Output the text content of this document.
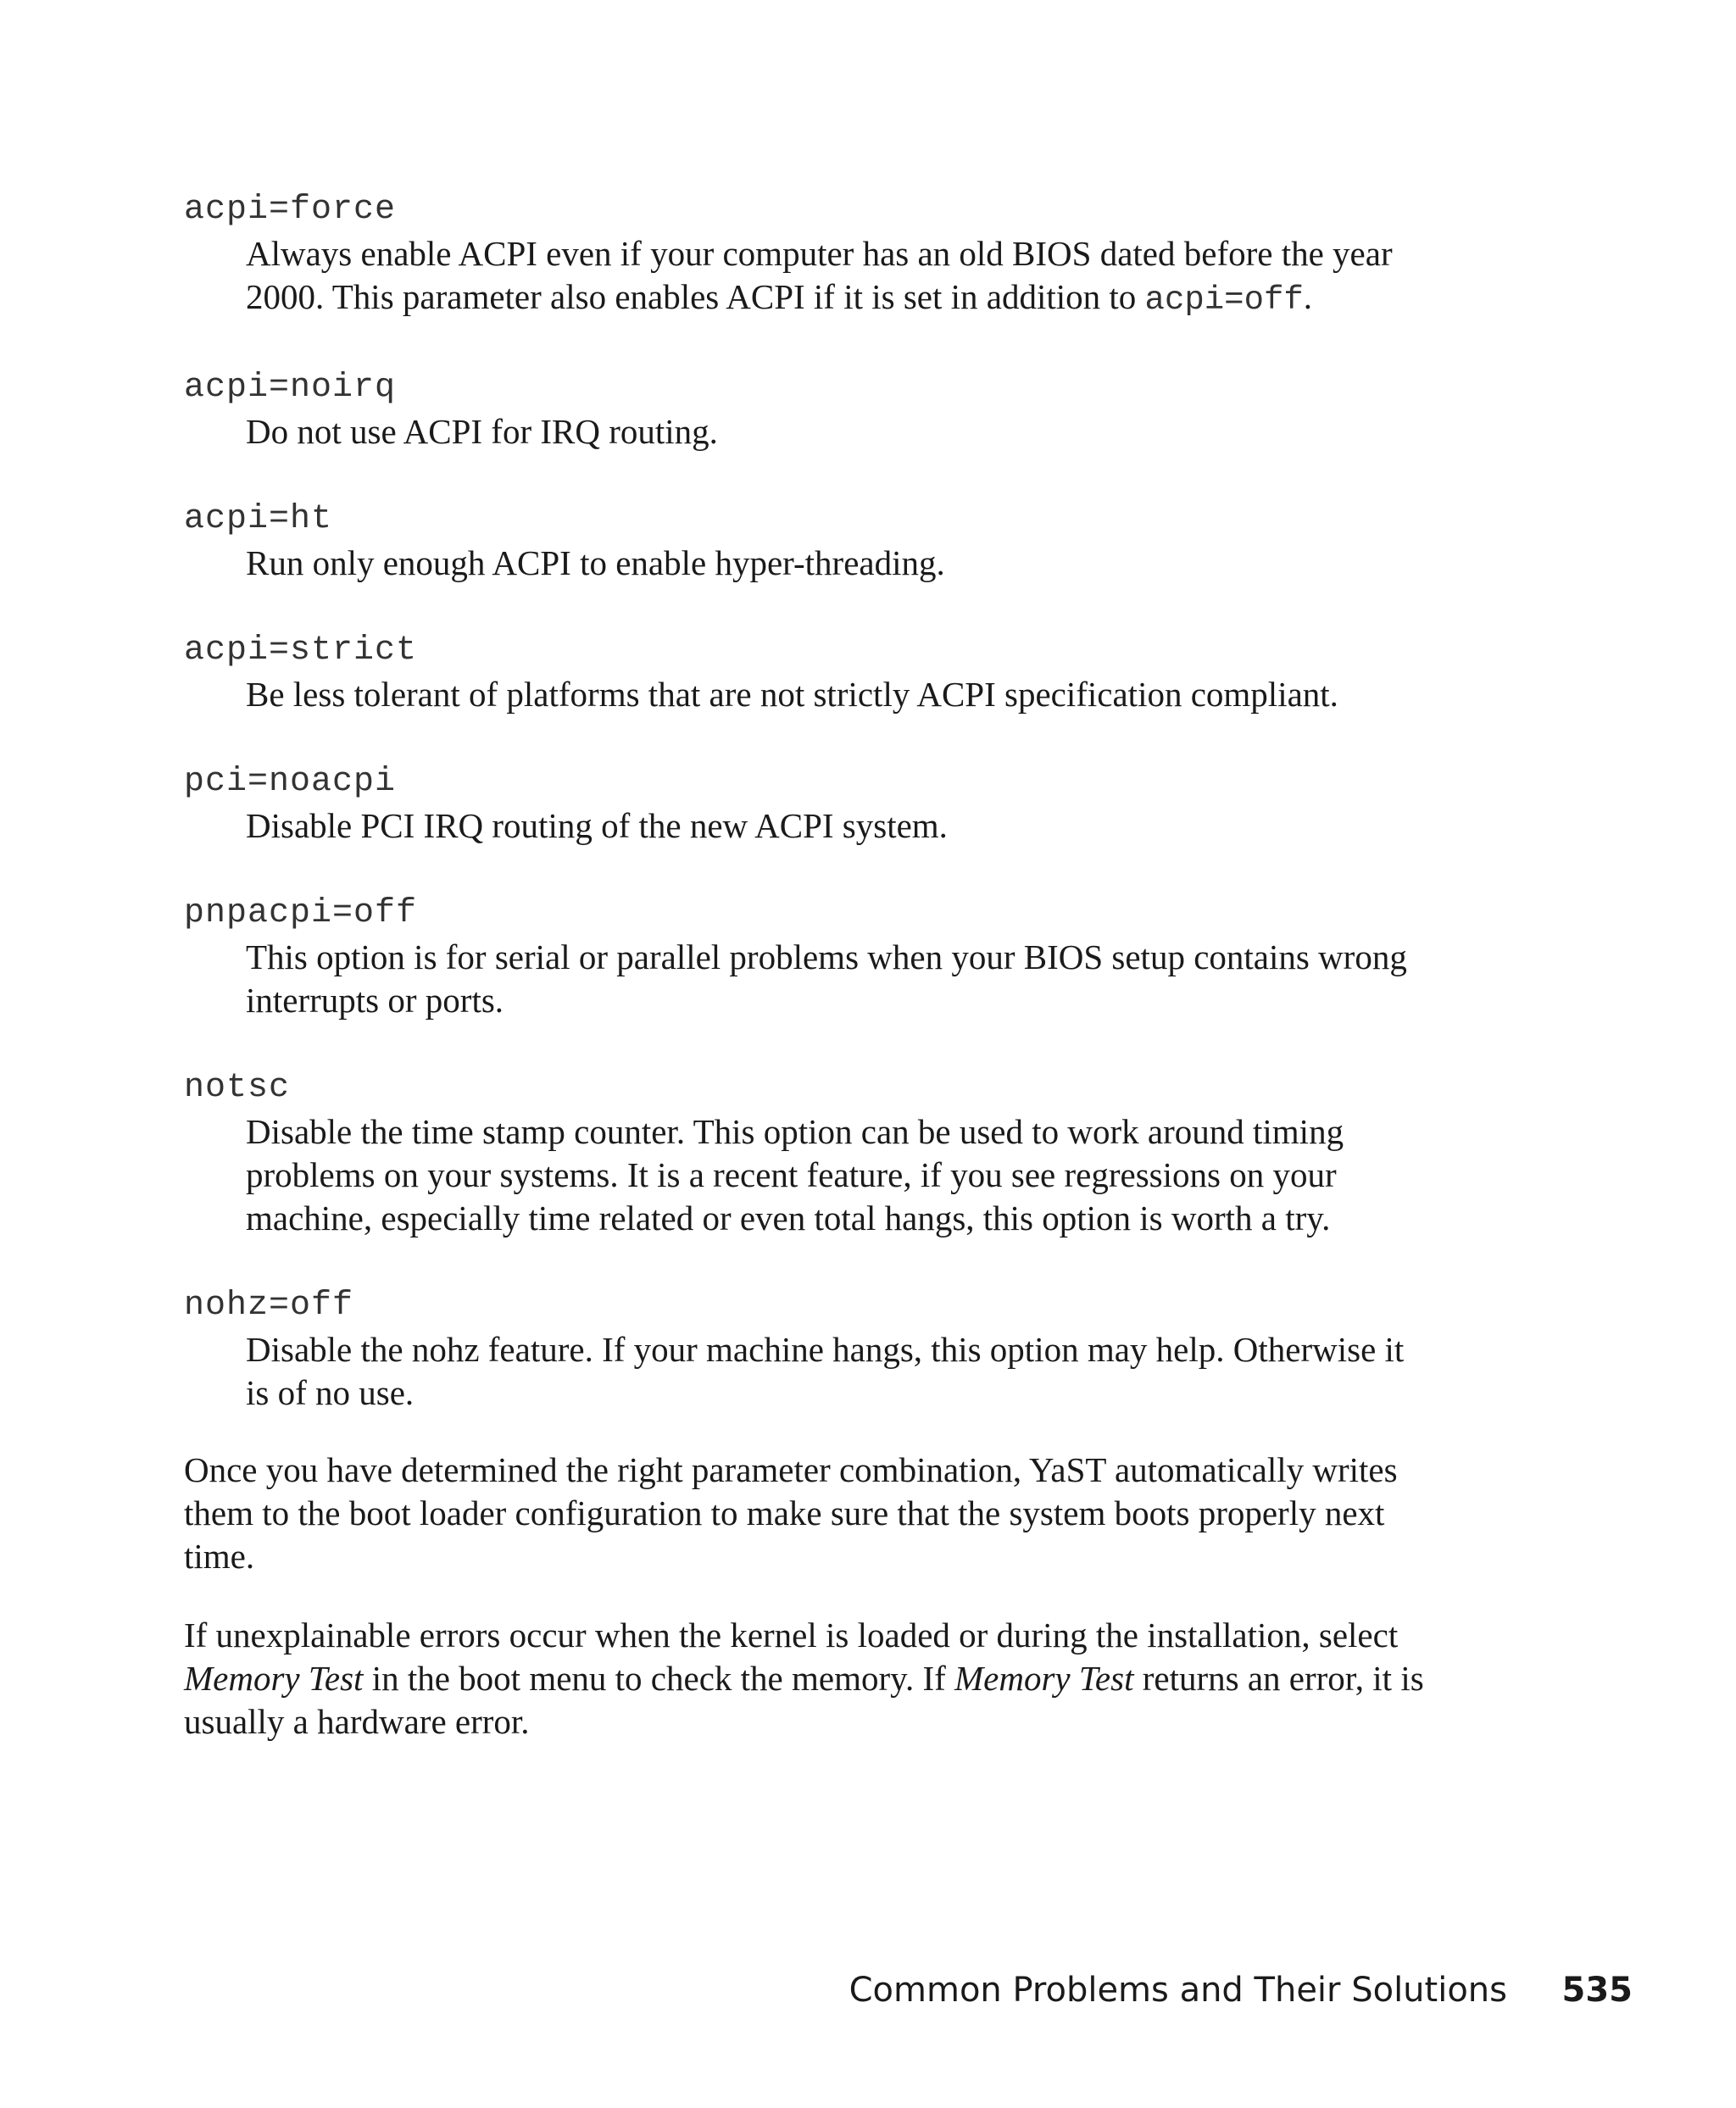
acpi=force
Always enable ACPI even if your computer has an old BIOS dated before the year 2000. This parameter also enables ACPI if it is set in addition to acpi=off.
acpi=noirq
Do not use ACPI for IRQ routing.
acpi=ht
Run only enough ACPI to enable hyper-threading.
acpi=strict
Be less tolerant of platforms that are not strictly ACPI specification compliant.
pci=noacpi
Disable PCI IRQ routing of the new ACPI system.
pnpacpi=off
This option is for serial or parallel problems when your BIOS setup contains wrong interrupts or ports.
notsc
Disable the time stamp counter. This option can be used to work around timing problems on your systems. It is a recent feature, if you see regressions on your machine, especially time related or even total hangs, this option is worth a try.
nohz=off
Disable the nohz feature. If your machine hangs, this option may help. Otherwise it is of no use.

Once you have determined the right parameter combination, YaST automatically writes them to the boot loader configuration to make sure that the system boots properly next time.

If unexplainable errors occur when the kernel is loaded or during the installation, select Memory Test in the boot menu to check the memory. If Memory Test returns an error, it is usually a hardware error.

Common Problems and Their Solutions 535
